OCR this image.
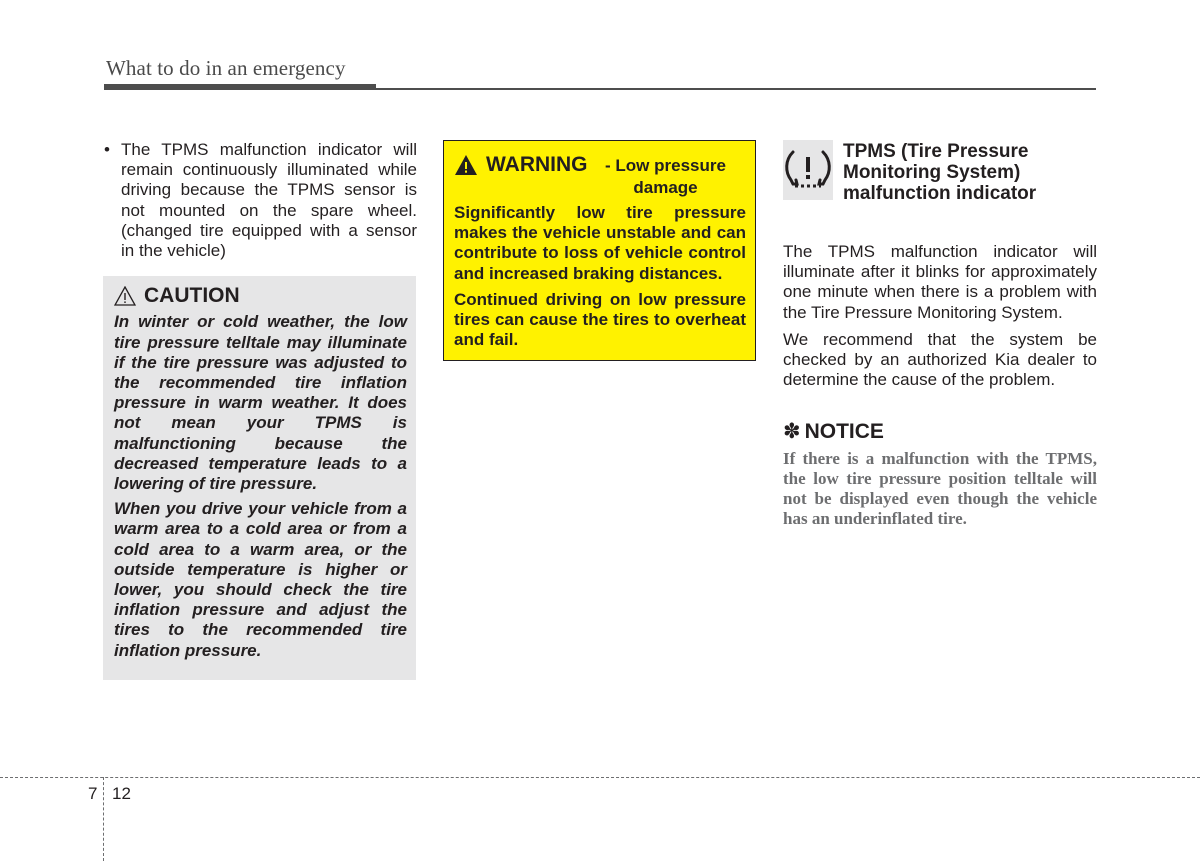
What to do in an emergency

• The TPMS malfunction indicator will remain continuously illuminated while driving because the TPMS sensor is not mounted on the spare wheel. (changed tire equipped with a sensor in the vehicle)

CAUTION

In winter or cold weather, the low tire pressure telltale may illuminate if the tire pressure was adjusted to the recommended tire inflation pressure in warm weather. It does not mean your TPMS is malfunctioning because the decreased temperature leads to a lowering of tire pressure.

When you drive your vehicle from a warm area to a cold area or from a cold area to a warm area, or the outside temperature is higher or lower, you should check the tire inflation pressure and adjust the tires to the recommended tire inflation pressure.

WARNING	- Low pressure damage

Significantly low tire pressure makes the vehicle unstable and can contribute to loss of vehicle control and increased braking distances.

Continued driving on low pressure tires can cause the tires to overheat and fail.

TPMS (Tire Pressure Monitoring System) malfunction indicator

The TPMS malfunction indicator will illuminate after it blinks for approximately one minute when there is a problem with the Tire Pressure Monitoring System.

We recommend that the system be checked by an authorized Kia dealer to determine the cause of the problem.

✽ NOTICE
If there is a malfunction with the TPMS, the low tire pressure position telltale will not be displayed even though the vehicle has an underinflated tire.
7 12
